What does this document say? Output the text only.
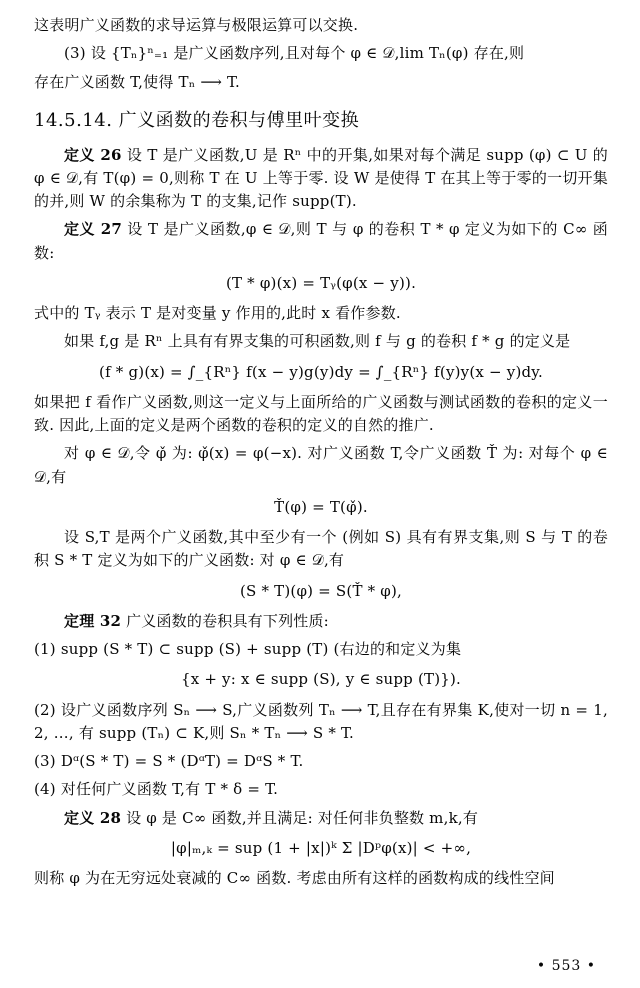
这表明广义函数的求导运算与极限运算可以交换.

(3) 设 {Tₙ}ⁿ₌₁ 是广义函数序列,且对每个 φ ∈ 𝒟,lim Tₙ(φ) 存在,则

存在广义函数 T,使得 Tₙ ⟶ T.

14.5.14. 广义函数的卷积与傅里叶变换

定义 26 设 T 是广义函数,U 是 Rⁿ 中的开集,如果对每个满足 supp (φ) ⊂ U 的 φ ∈ 𝒟,有 T(φ) = 0,则称 T 在 U 上等于零. 设 W 是使得 T 在其上等于零的一切开集的并,则 W 的余集称为 T 的支集,记作 supp(T).

定义 27 设 T 是广义函数,φ ∈ 𝒟,则 T 与 φ 的卷积 T * φ 定义为如下的 C∞ 函数:

(T * φ)(x) = Tᵧ(φ(x − y)).

式中的 Tᵧ 表示 T 是对变量 y 作用的,此时 x 看作参数.

如果 f,g 是 Rⁿ 上具有有界支集的可积函数,则 f 与 g 的卷积 f * g 的定义是

(f * g)(x) = ∫_{Rⁿ} f(x − y)g(y)dy = ∫_{Rⁿ} f(y)y(x − y)dy.

如果把 f 看作广义函数,则这一定义与上面所给的广义函数与测试函数的卷积的定义一致. 因此,上面的定义是两个函数的卷积的定义的自然的推广.

对 φ ∈ 𝒟,令 φ̌ 为: φ̌(x) = φ(−x). 对广义函数 T,令广义函数 Ť 为: 对每个 φ ∈ 𝒟,有

Ť(φ) = T(φ̌).

设 S,T 是两个广义函数,其中至少有一个 (例如 S) 具有有界支集,则 S 与 T 的卷积 S * T 定义为如下的广义函数: 对 φ ∈ 𝒟,有

(S * T)(φ) = S(Ť * φ),

定理 32 广义函数的卷积具有下列性质:

(1) supp (S * T) ⊂ supp (S) + supp (T) (右边的和定义为集

{x + y: x ∈ supp (S), y ∈ supp (T)}).

(2) 设广义函数序列 Sₙ ⟶ S,广义函数列 Tₙ ⟶ T,且存在有界集 K,使对一切 n = 1, 2, …, 有 supp (Tₙ) ⊂ K,则 Sₙ * Tₙ ⟶ S * T.

(3) Dᵅ(S * T) = S * (DᵅT) = DᵅS * T.

(4) 对任何广义函数 T,有 T * δ = T.

定义 28 设 φ 是 C∞ 函数,并且满足: 对任何非负整数 m,k,有

|φ|ₘ,ₖ = sup (1 + |x|)ᵏ Σ |Dᵖφ(x)| < +∞,

则称 φ 为在无穷远处衰减的 C∞ 函数. 考虑由所有这样的函数构成的线性空间

• 553 •
